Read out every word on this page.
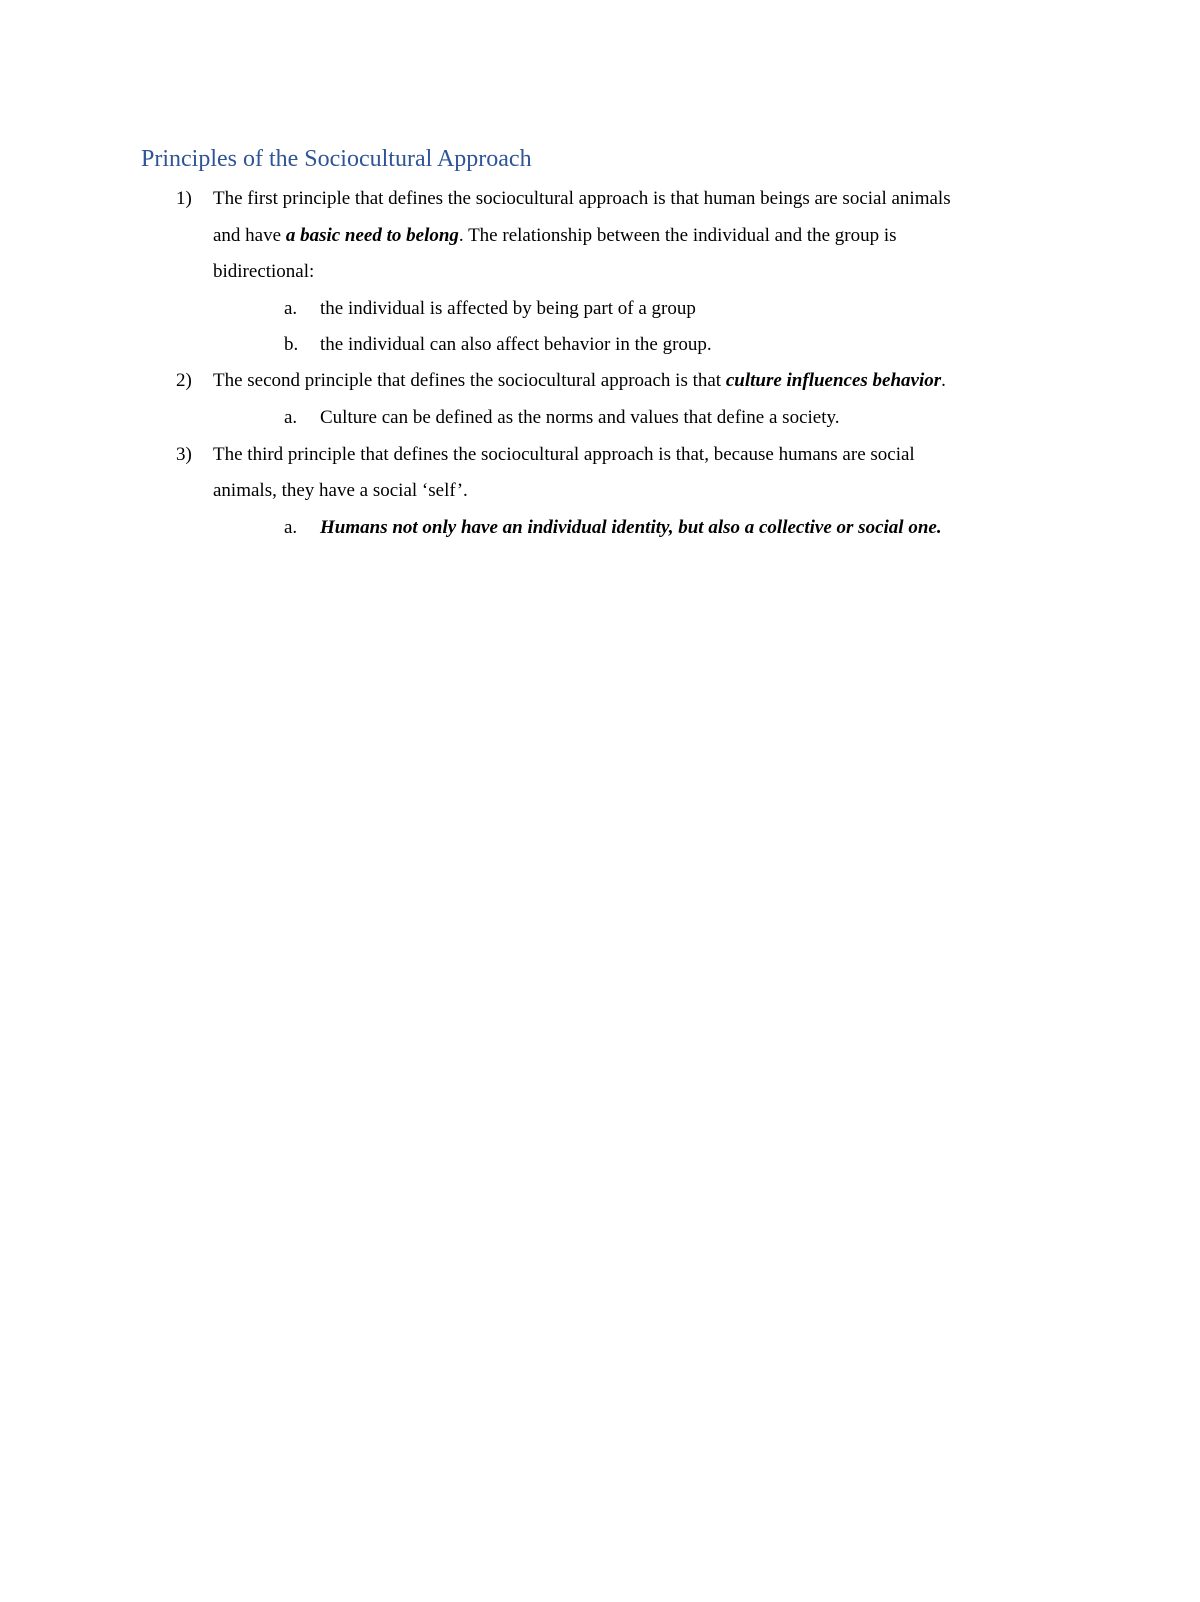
Principles of the Sociocultural Approach
1) The first principle that defines the sociocultural approach is that human beings are social animals
and have a basic need to belong. The relationship between the individual and the group is
bidirectional:
a. the individual is affected by being part of a group
b. the individual can also affect behavior in the group.
2) The second principle that defines the sociocultural approach is that culture influences behavior.
a. Culture can be defined as the norms and values that define a society.
3) The third principle that defines the sociocultural approach is that, because humans are social
animals, they have a social ‘self’.
a. Humans not only have an individual identity, but also a collective or social one.
